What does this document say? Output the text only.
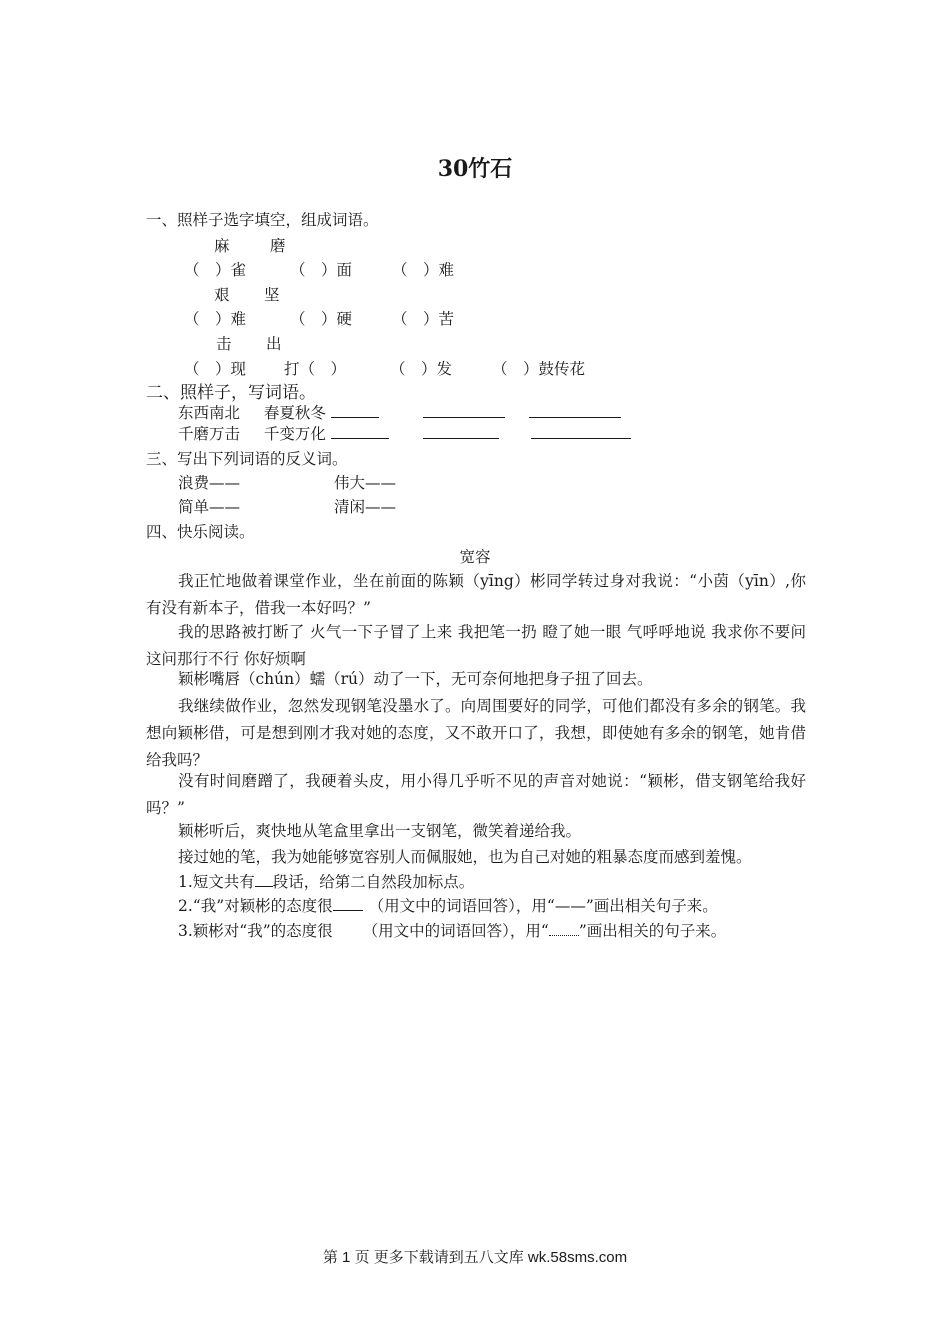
30竹石
一、照样子选字填空，组成词语。
麻	磨
（　）雀	（　）面	（　）难
艰 坚
（　）难	（　）硬	（　）苦
击 出
（　）现 打（　）	（　）发	（　）鼓传花
二、照样子，写词语。
东西南北 春夏秋冬
千磨万击 千变万化
三、写出下列词语的反义词。
浪费——	伟大——
简单——	清闲——
四、快乐阅读。
宽容
我正忙地做着课堂作业，坐在前面的陈颖（yīng）彬同学转过身对我说：“小茵（yīn）,你有没有新本子，借我一本好吗？”
我的思路被打断了 火气一下子冒了上来 我把笔一扔 瞪了她一眼 气呼呼地说 我求你不要问这问那行不行 你好烦啊
颖彬嘴唇（chún）蠕（rú）动了一下，无可奈何地把身子扭了回去。
我继续做作业，忽然发现钢笔没墨水了。向周围要好的同学，可他们都没有多余的钢笔。我想向颖彬借，可是想到刚才我对她的态度，又不敢开口了，我想，即使她有多余的钢笔，她肯借给我吗？
没有时间磨蹭了，我硬着头皮，用小得几乎听不见的声音对她说：“颖彬，借支钢笔给我好吗？”
颖彬听后，爽快地从笔盒里拿出一支钢笔，微笑着递给我。
接过她的笔，我为她能够宽容别人而佩服她，也为自己对她的粗暴态度而感到羞愧。
1.短文共有 段话，给第二自然段加标点。
2.“我”对颖彬的态度很 （用文中的词语回答），用“——”画出相关句子来。
3.颖彬对“我”的态度很 （用文中的词语回答），用“ ”画出相关的句子来。
第 1 页 更多下载请到五八文库 wk.58sms.com
